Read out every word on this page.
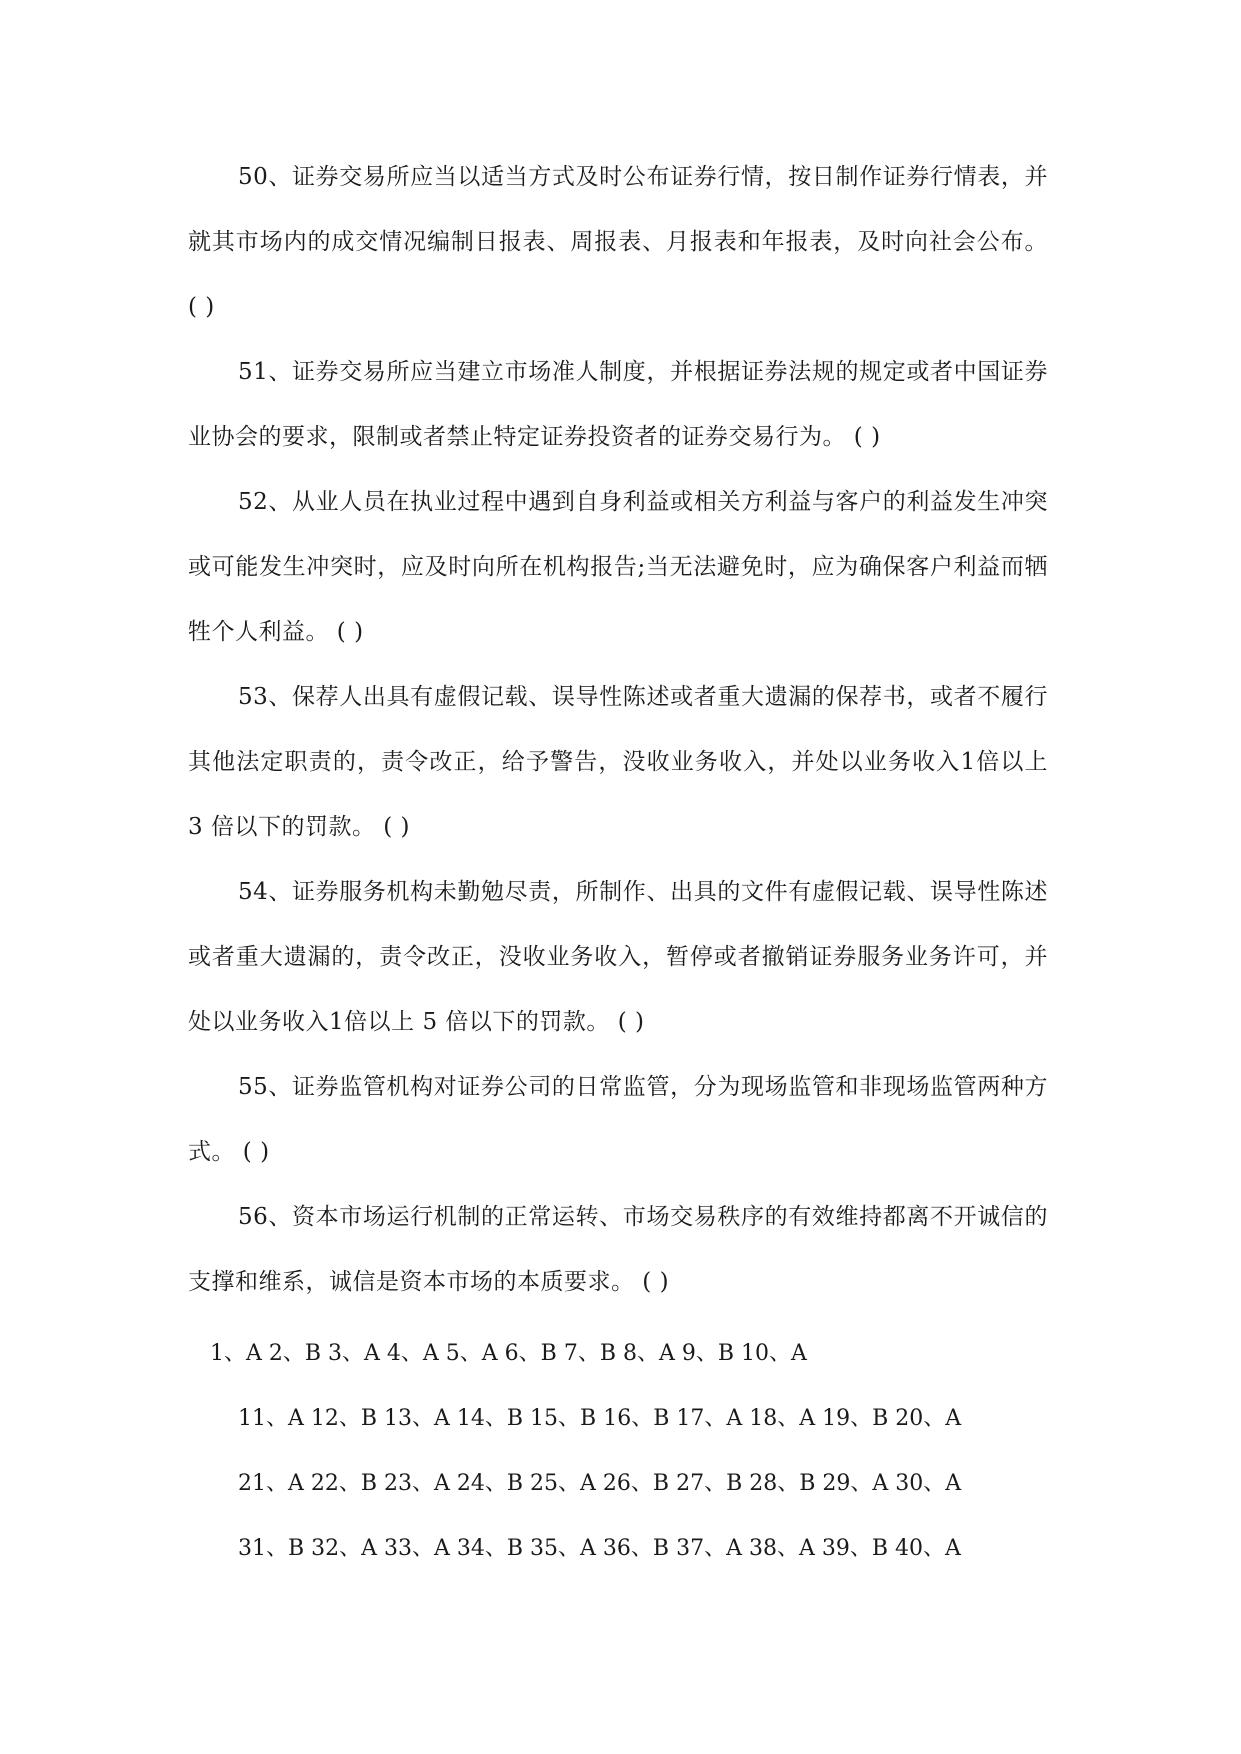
50、证券交易所应当以适当方式及时公布证券行情，按日制作证券行情表，并就其市场内的成交情况编制日报表、周报表、月报表和年报表，及时向社会公布。 ( )

51、证券交易所应当建立市场准人制度，并根据证券法规的规定或者中国证券业协会的要求，限制或者禁止特定证券投资者的证券交易行为。 ( )

52、从业人员在执业过程中遇到自身利益或相关方利益与客户的利益发生冲突或可能发生冲突时，应及时向所在机构报告;当无法避免时，应为确保客户利益而牺牲个人利益。 ( )

53、保荐人出具有虚假记载、误导性陈述或者重大遗漏的保荐书，或者不履行其他法定职责的，责令改正，给予警告，没收业务收入，并处以业务收入1倍以上 3 倍以下的罚款。 ( )

54、证券服务机构未勤勉尽责，所制作、出具的文件有虚假记载、误导性陈述或者重大遗漏的，责令改正，没收业务收入，暂停或者撤销证券服务业务许可，并处以业务收入1倍以上 5 倍以下的罚款。 ( )

55、证券监管机构对证券公司的日常监管，分为现场监管和非现场监管两种方式。 ( )

56、资本市场运行机制的正常运转、市场交易秩序的有效维持都离不开诚信的支撑和维系，诚信是资本市场的本质要求。 ( )

1、A 2、B 3、A 4、A 5、A 6、B 7、B 8、A 9、B 10、A

11、A 12、B 13、A 14、B 15、B 16、B 17、A 18、A 19、B 20、A

21、A 22、B 23、A 24、B 25、A 26、B 27、B 28、B 29、A 30、A

31、B 32、A 33、A 34、B 35、A 36、B 37、A 38、A 39、B 40、A
